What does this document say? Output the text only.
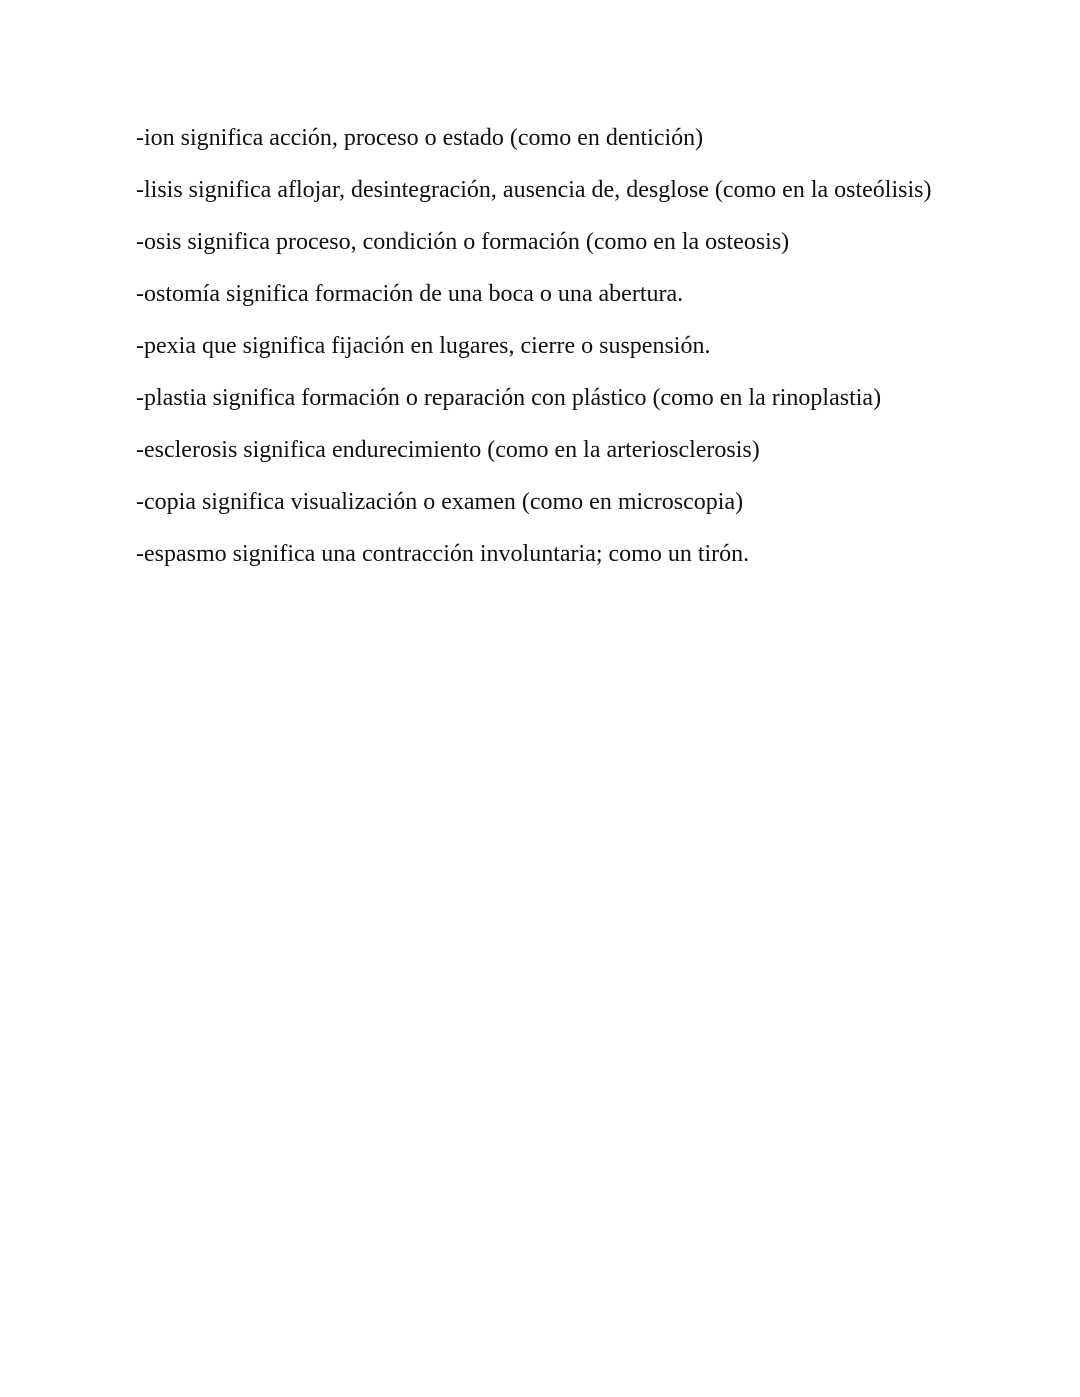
-ion significa acción, proceso o estado (como en dentición)

-lisis significa aflojar, desintegración, ausencia de, desglose (como en la osteólisis)

-osis significa proceso, condición o formación (como en la osteosis)

-ostomía significa formación de una boca o una abertura.

-pexia que significa fijación en lugares, cierre o suspensión.

-plastia significa formación o reparación con plástico (como en la rinoplastia)

-esclerosis significa endurecimiento (como en la arteriosclerosis)

-copia significa visualización o examen (como en microscopia)

-espasmo significa una contracción involuntaria; como un tirón.
